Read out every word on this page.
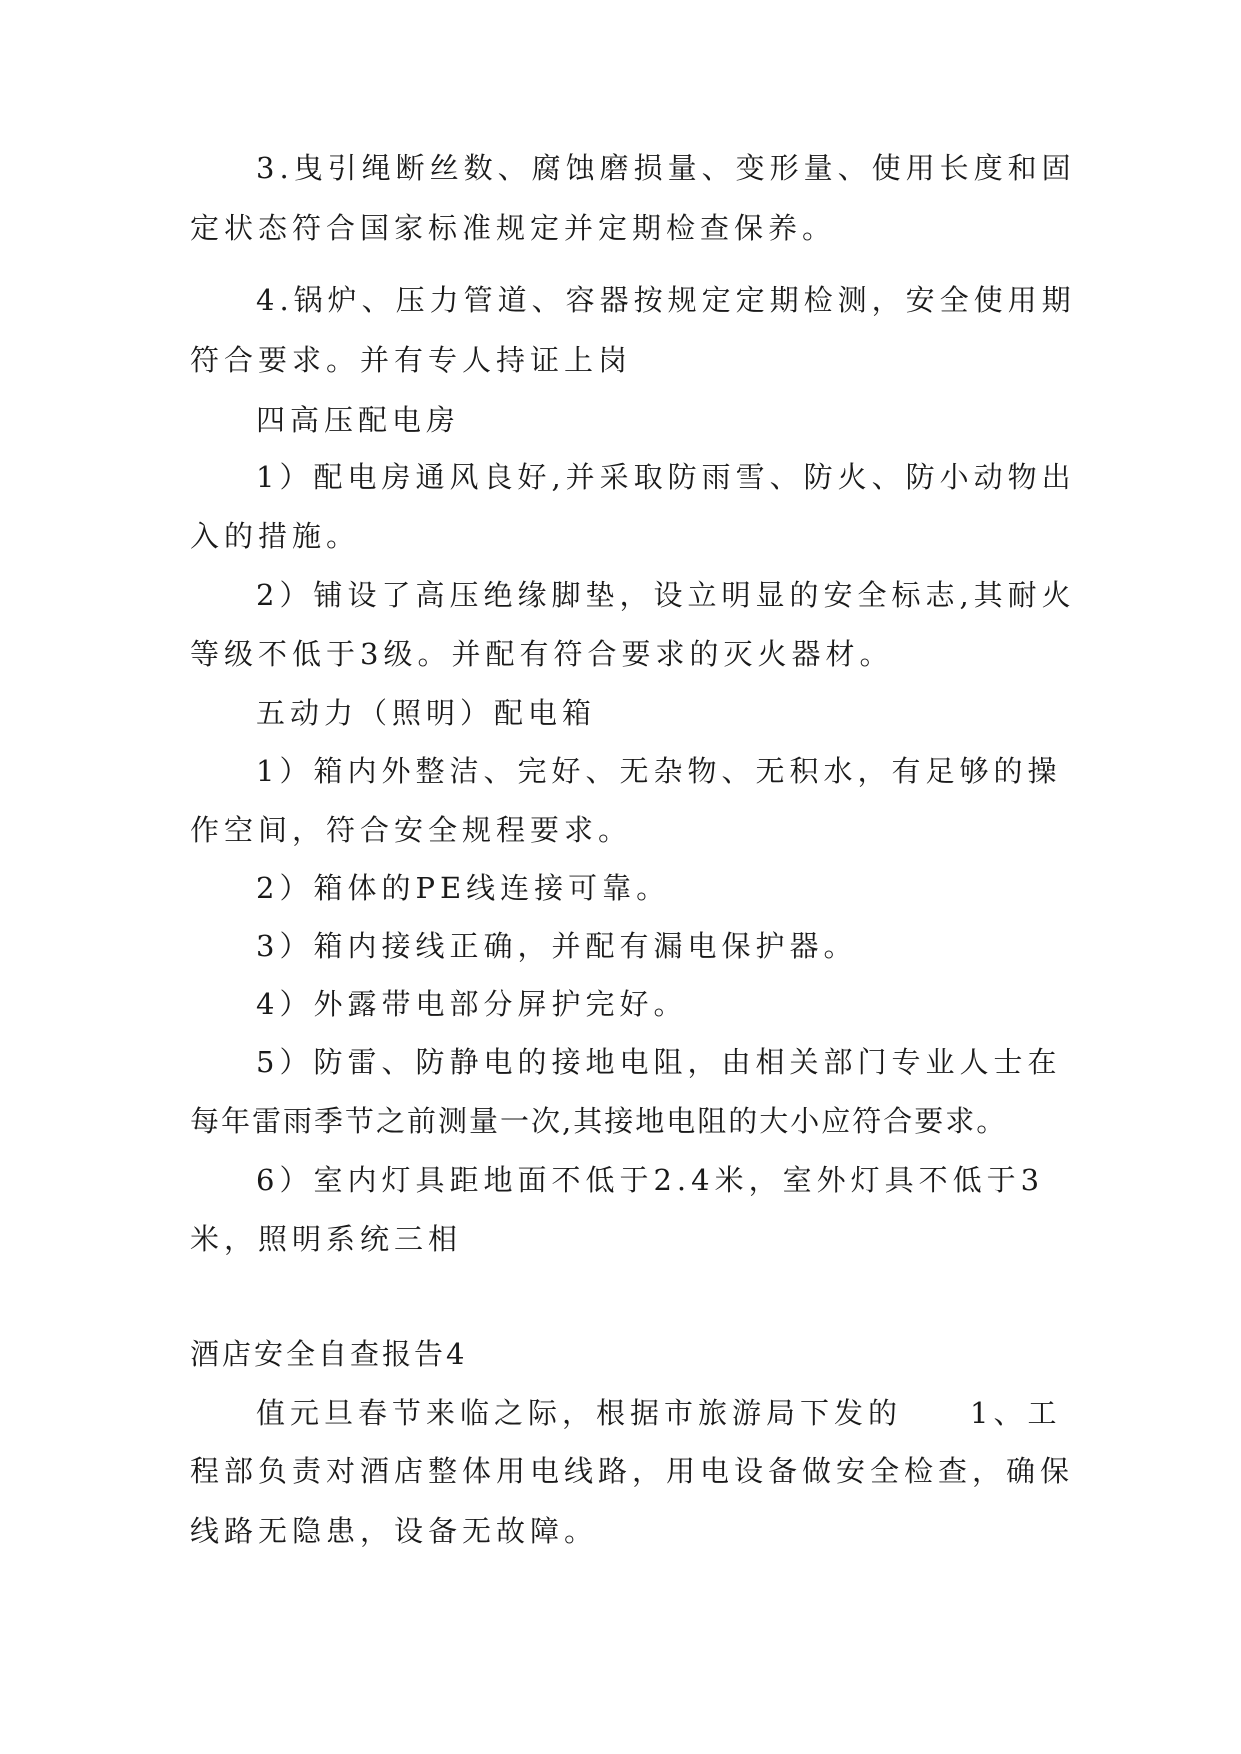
3.曳引绳断丝数、腐蚀磨损量、变形量、使用长度和固
定状态符合国家标准规定并定期检查保养。
4.锅炉、压力管道、容器按规定定期检测，安全使用期
符合要求。并有专人持证上岗
四高压配电房
1）配电房通风良好,并采取防雨雪、防火、防小动物出
入的措施。
2）铺设了高压绝缘脚垫，设立明显的安全标志,其耐火
等级不低于3级。并配有符合要求的灭火器材。
五动力（照明）配电箱
1）箱内外整洁、完好、无杂物、无积水，有足够的操
作空间，符合安全规程要求。
2）箱体的PE线连接可靠。
3）箱内接线正确，并配有漏电保护器。
4）外露带电部分屏护完好。
5）防雷、防静电的接地电阻，由相关部门专业人士在
每年雷雨季节之前测量一次,其接地电阻的大小应符合要求。
6）室内灯具距地面不低于2.4米，室外灯具不低于3
米，照明系统三相
酒店安全自查报告4
值元旦春节来临之际，根据市旅游局下发的　　1、工
程部负责对酒店整体用电线路，用电设备做安全检查，确保
线路无隐患，设备无故障。
